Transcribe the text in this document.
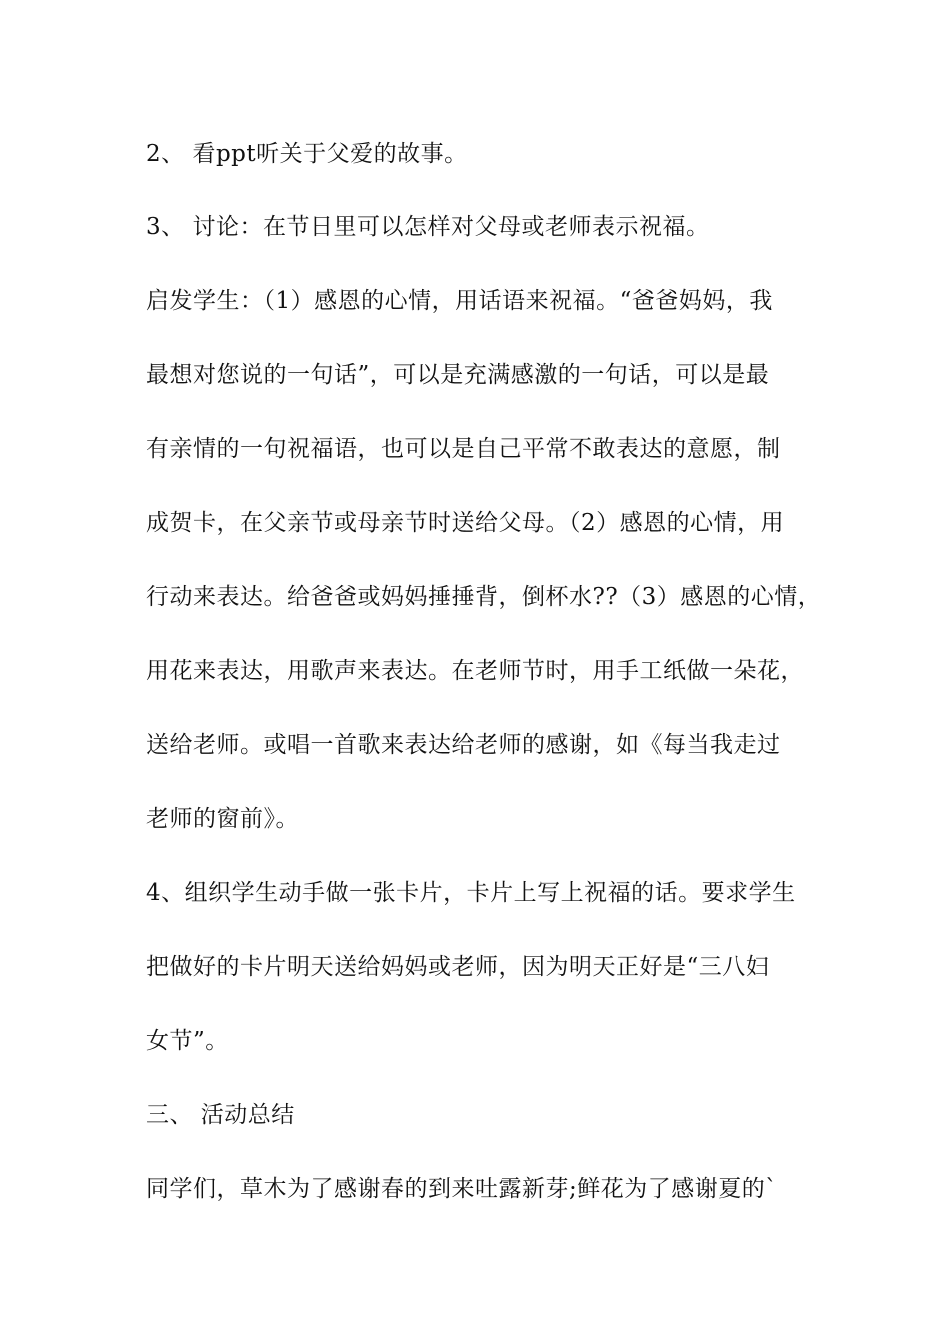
2、 看ppt听关于父爱的故事。
3、 讨论：在节日里可以怎样对父母或老师表示祝福。
启发学生：（1）感恩的心情，用话语来祝福。“爸爸妈妈，我
最想对您说的一句话”，可以是充满感激的一句话，可以是最
有亲情的一句祝福语，也可以是自己平常不敢表达的意愿，制
成贺卡，在父亲节或母亲节时送给父母。（2）感恩的心情，用
行动来表达。给爸爸或妈妈捶捶背，倒杯水??（3）感恩的心情，
用花来表达，用歌声来表达。在老师节时，用手工纸做一朵花，
送给老师。或唱一首歌来表达给老师的感谢，如《每当我走过
老师的窗前》。
4、组织学生动手做一张卡片，卡片上写上祝福的话。要求学生
把做好的卡片明天送给妈妈或老师，因为明天正好是“三八妇
女节”。
三、 活动总结
同学们，草木为了感谢春的到来吐露新芽;鲜花为了感谢夏的`
